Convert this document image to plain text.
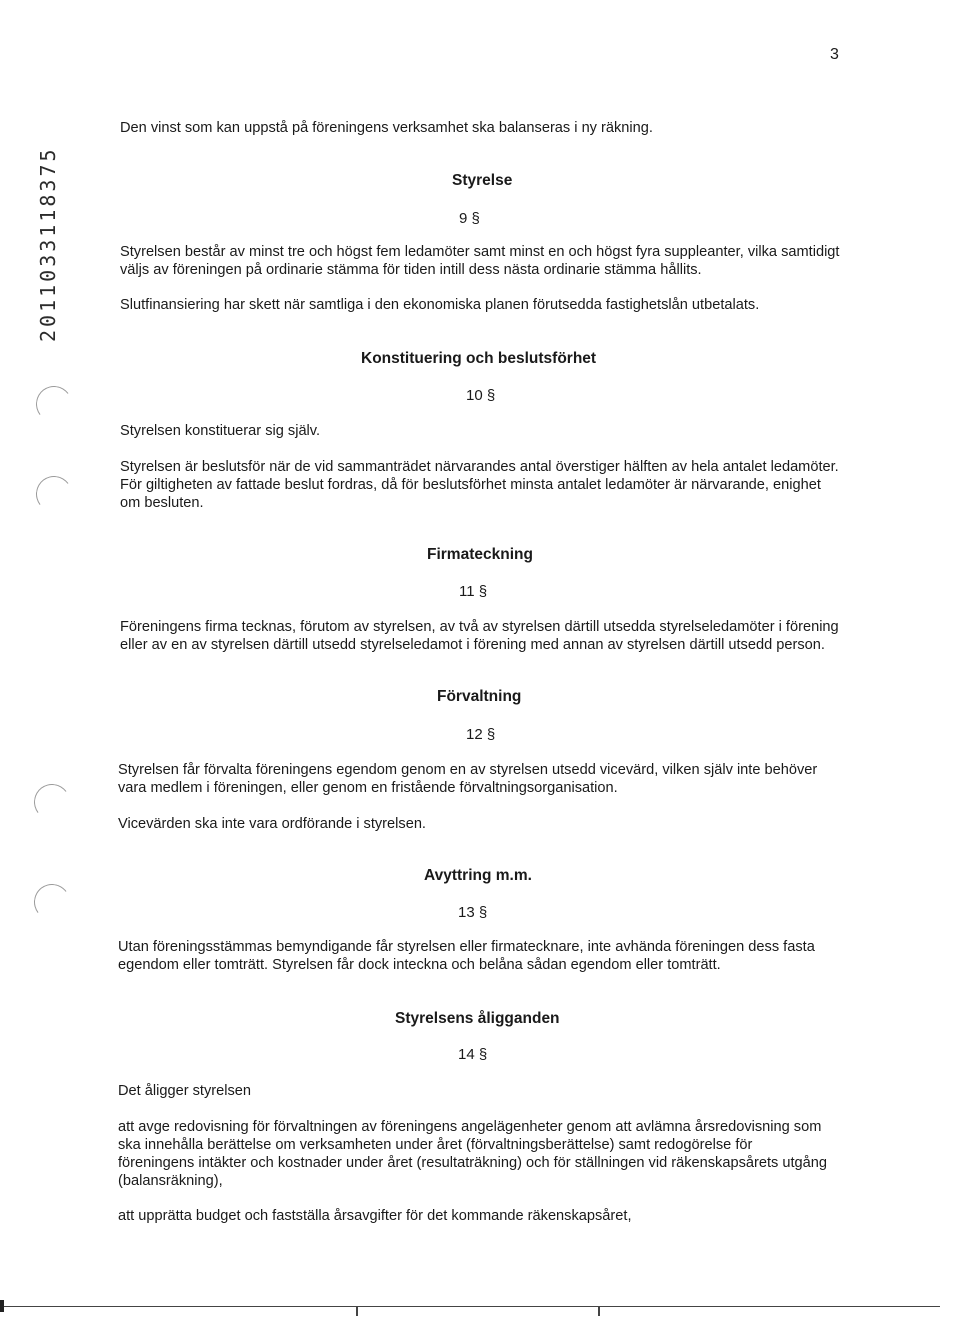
3
2011033118375

Den vinst som kan uppstå på föreningens verksamhet ska balanseras i ny räkning.

Styrelse
9 §

Styrelsen består av minst tre och högst fem ledamöter samt minst en och högst fyra suppleanter, vilka samtidigt väljs av föreningen på ordinarie stämma för tiden intill dess nästa ordinarie stämma hållits.

Slutfinansiering har skett när samtliga i den ekonomiska planen förutsedda fastighetslån utbetalats.

Konstituering och beslutsförhet
10 §

Styrelsen konstituerar sig själv.

Styrelsen är beslutsför när de vid sammanträdet närvarandes antal överstiger hälften av hela antalet ledamöter. För giltigheten av fattade beslut fordras, då för beslutsförhet minsta antalet ledamöter är närvarande, enighet om besluten.

Firmateckning
11 §

Föreningens firma tecknas, förutom av styrelsen, av två av styrelsen därtill utsedda styrelseledamöter i förening eller av en av styrelsen därtill utsedd styrelseledamot i förening med annan av styrelsen därtill utsedd person.

Förvaltning
12 §

Styrelsen får förvalta föreningens egendom genom en av styrelsen utsedd vicevärd, vilken själv inte behöver vara medlem i föreningen, eller genom en fristående förvaltningsorganisation.

Vicevärden ska inte vara ordförande i styrelsen.

Avyttring m.m.
13 §

Utan föreningsstämmas bemyndigande får styrelsen eller firmatecknare, inte avhända föreningen dess fasta egendom eller tomträtt. Styrelsen får dock inteckna och belåna sådan egendom eller tomträtt.

Styrelsens åligganden
14 §

Det åligger styrelsen

att avge redovisning för förvaltningen av föreningens angelägenheter genom att avlämna årsredovisning som ska innehålla berättelse om verksamheten under året (förvaltningsberättelse) samt redogörelse för föreningens intäkter och kostnader under året (resultaträkning) och för ställningen vid räkenskapsårets utgång (balansräkning),

att upprätta budget och fastställa årsavgifter för det kommande räkenskapsåret,
